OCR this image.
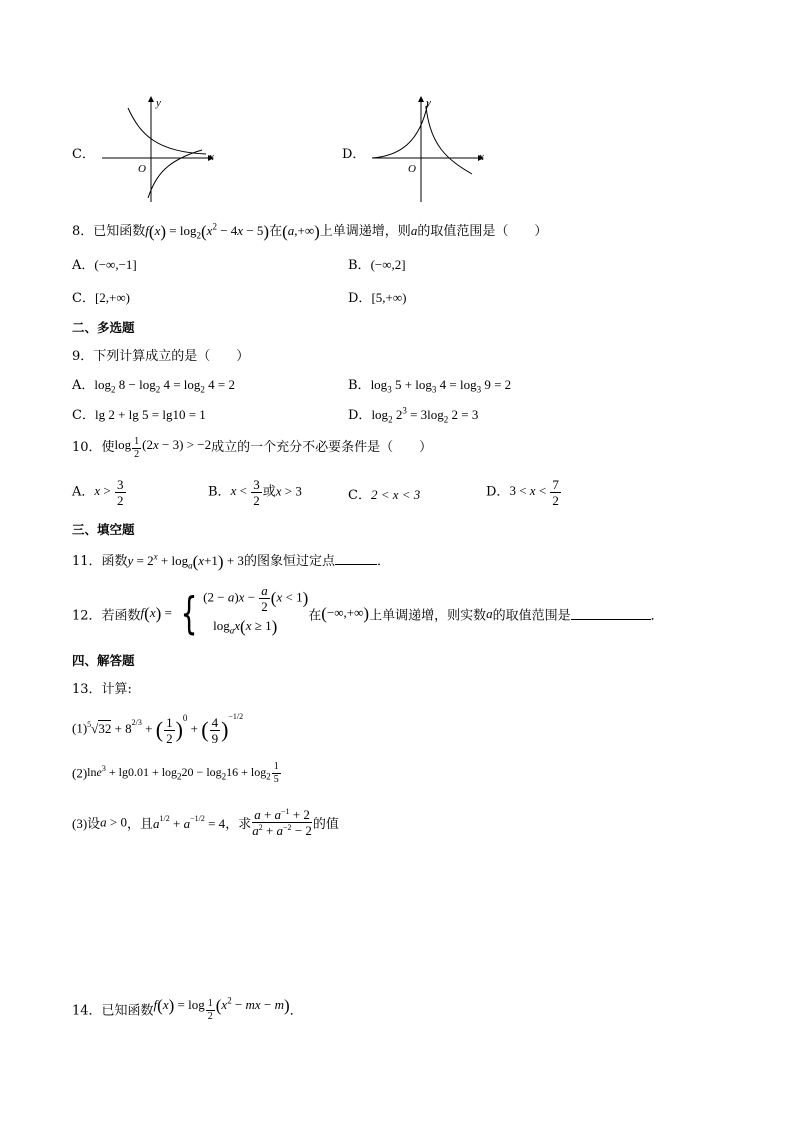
C．
y
x
O
D．
y
x
O
8．已知函数$f(x) = \log_2(x^2 - 4x - 5)$在(a,+∞)上单调递增，则a的取值范围是（　　）
A．(−∞,−1]	B．(−∞,2]
C．[2,+∞)	D．[5,+∞)
二、多选题
9．下列计算成立的是（　　）
A．$\log_2 8 - \log_2 4 = \log_2 4 = 2$	B．$\log_3 5 + \log_3 4 = \log_3 9 = 2$
C．lg 2 + lg 5 = lg10 = 1	D．$\log_2 2^3 = 3\log_2$ 2 = 3
10．使$\log \frac{1}{2} (2x - 3) > -2$成立的一个充分不必要条件是（　　）
A．$x > \frac{3}{2}$	B．$x < \frac{3}{2}$ 或x > 3	C．2 < x < 3	D．$3 < x < \frac{7}{2}$
三、填空题
11．函数$y = 2^x + \log_a(x+1) + 3$的图象恒过定点	．
12．若函数f(x) = { $(2 - a)x - \frac{a}{2} (x < 1)$
$\log_ax(x \ge 1)$
在(−∞,+∞)上单调递增，则实数a的取值范围是	．
四、解答题
13．计算:
$(1)^5√32 + 8^{2/3}$ + ( $\frac{1}{2} )^0$ + ( $\frac{4}{9} )^{-1/2}$
$(2)\ln e^3 + \lg 0.01 + \log_220 - \log_216 + \log_2 \frac{1}{5}$
(3)设a > 0，且$a^{1/2} + a^{-1/2} = 4$，求 $\frac{a + a^{-1} + 2}{a^2 + a^{-2} - 2}$ 的值
14．已知函数$f(x) = \log \frac{1}{2} (x^2$ − mx − m)．
